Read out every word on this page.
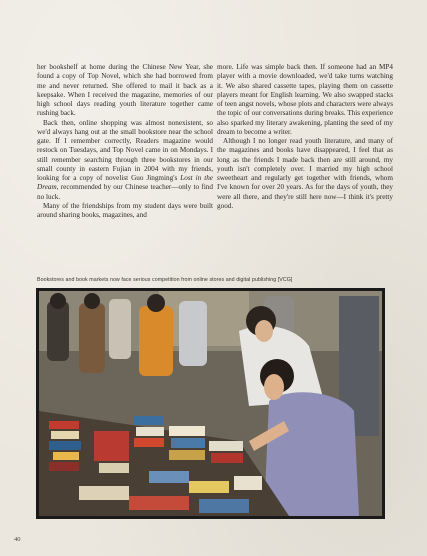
her bookshelf at home during the Chinese New Year, she found a copy of Top Novel, which she had borrowed from me and never returned. She offered to mail it back as a keepsake. When I received the magazine, memories of our high school days reading youth literature together came rushing back.

Back then, online shopping was almost nonexistent, so we'd always hang out at the small bookstore near the school gate. If I remember correctly, Readers magazine would restock on Tuesdays, and Top Novel came in on Mondays. I still remember searching through three bookstores in our small county in eastern Fujian in 2004 with my friends, looking for a copy of novelist Guo Jingming's Lost in the Dream, recommended by our Chinese teacher—only to find no luck.

Many of the friendships from my student days were built around sharing books, magazines, and

more. Life was simple back then. If someone had an MP4 player with a movie downloaded, we'd take turns watching it. We also shared cassette tapes, playing them on cassette players meant for English learning. We also swapped stacks of teen angst novels, whose plots and characters were always the topic of our conversations during breaks. This experience also sparked my literary awakening, planting the seed of my dream to become a writer.

Although I no longer read youth literature, and many of the magazines and books have disappeared, I feel that as long as the friends I made back then are still around, my youth isn't completely over. I married my high school sweetheart and regularly get together with friends, whom I've known for over 20 years. As for the days of youth, they were all there, and they're still here now—I think it's pretty good.

Bookstores and book markets now face serious competition from online stores and digital publishing [VCG]
40
